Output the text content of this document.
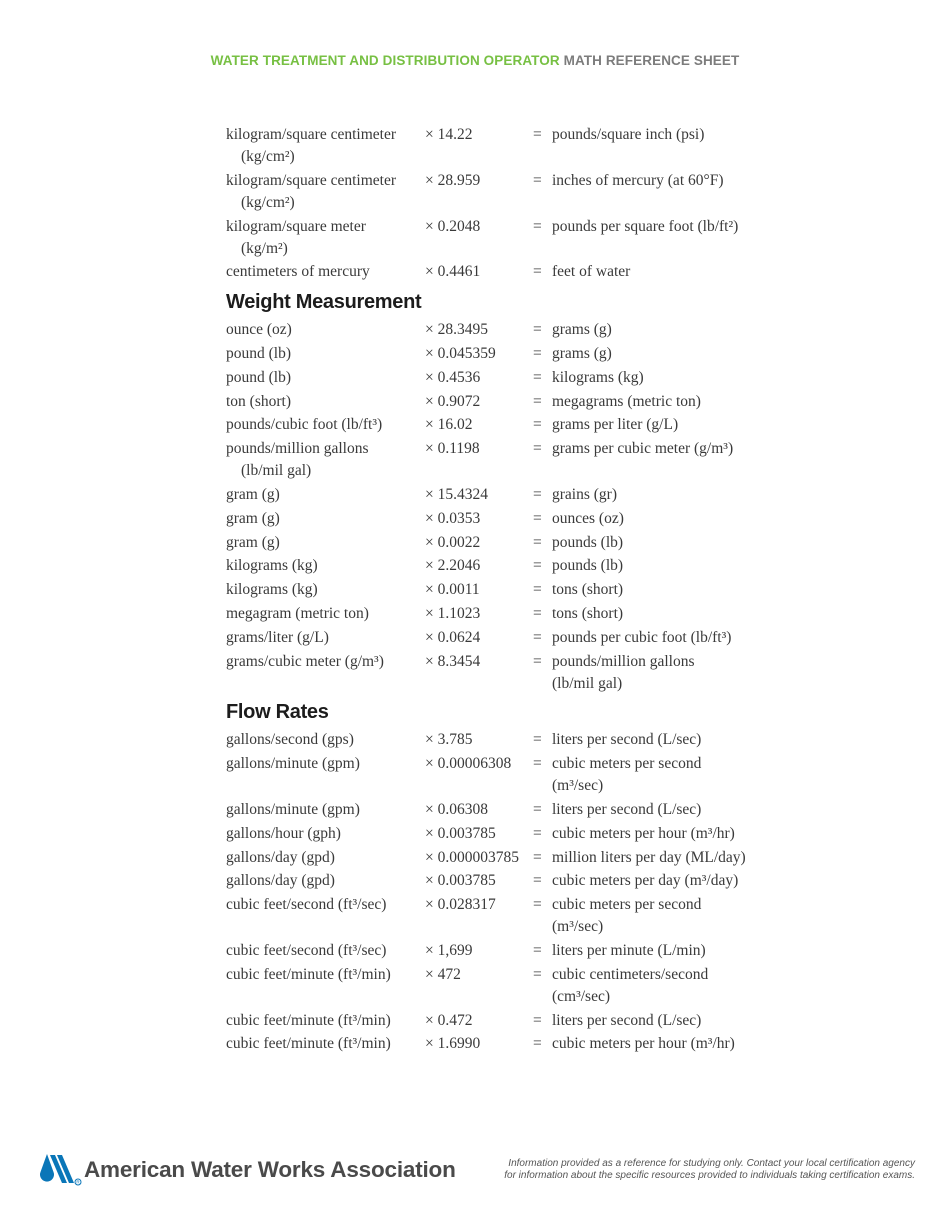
WATER TREATMENT AND DISTRIBUTION OPERATOR MATH REFERENCE SHEET
kilogram/square centimeter
(kg/cm²)
× 14.22	= pounds/square inch (psi)
kilogram/square centimeter
(kg/cm²)
× 28.959	= inches of mercury (at 60°F)
kilogram/square meter
(kg/m²)
× 0.2048	= pounds per square foot (lb/ft²)
centimeters of mercury	× 0.4461	= feet of water
Weight Measurement
ounce (oz)	× 28.3495	= grams (g)
pound (lb)	× 0.045359	= grams (g)
pound (lb)	× 0.4536	= kilograms (kg)
ton (short)	× 0.9072	= megagrams (metric ton)
pounds/cubic foot (lb/ft³)	× 16.02	= grams per liter (g/L)
pounds/million gallons
(lb/mil gal)
× 0.1198	= grams per cubic meter (g/m³)
gram (g)	× 15.4324	= grains (gr)
gram (g)	× 0.0353	= ounces (oz)
gram (g)	× 0.0022	= pounds (lb)
kilograms (kg)	× 2.2046	= pounds (lb)
kilograms (kg)	× 0.0011	= tons (short)
megagram (metric ton)	× 1.1023	= tons (short)
grams/liter (g/L)	× 0.0624	= pounds per cubic foot (lb/ft³)
grams/cubic meter (g/m³)	× 8.3454	= pounds/million gallons
(lb/mil gal)
Flow Rates
gallons/second (gps)	× 3.785	= liters per second (L/sec)
gallons/minute (gpm)	× 0.00006308	= cubic meters per second
(m³/sec)
gallons/minute (gpm)	× 0.06308	= liters per second (L/sec)
gallons/hour (gph)	× 0.003785	= cubic meters per hour (m³/hr)
gallons/day (gpd)	× 0.000003785 = million liters per day (ML/day)
gallons/day (gpd)	× 0.003785	= cubic meters per day (m³/day)
cubic feet/second (ft³/sec)	× 0.028317	= cubic meters per second
(m³/sec)
cubic feet/second (ft³/sec)	× 1,699	= liters per minute (L/min)
cubic feet/minute (ft³/min)	× 472	= cubic centimeters/second
(cm³/sec)
cubic feet/minute (ft³/min)	× 0.472	= liters per second (L/sec)
cubic feet/minute (ft³/min)	× 1.6990	= cubic meters per hour (m³/hr)
R
American Water Works Association	Information provided as a reference for studying only. Contact your local certification agency
for information about the specific resources provided to individuals taking certification exams.
